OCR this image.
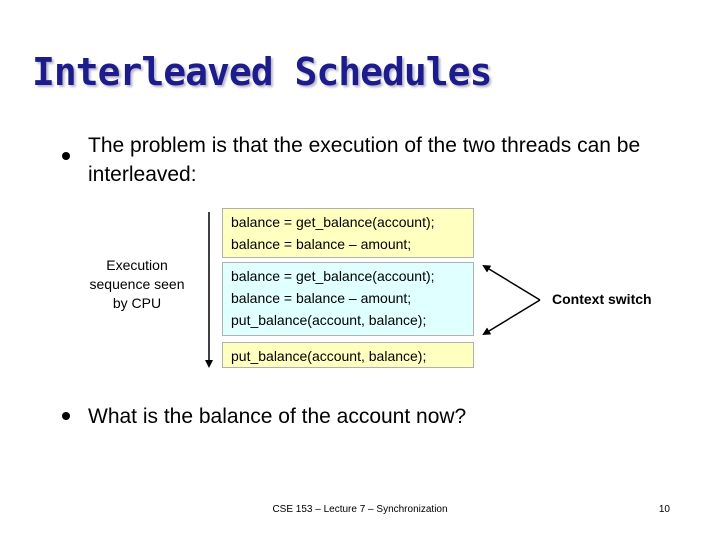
Interleaved Schedules
The problem is that the execution of the two threads can be interleaved:
balance = get_balance(account);
balance = balance – amount;
balance = get_balance(account);
balance = balance – amount;
put_balance(account, balance);
put_balance(account, balance);
Execution sequence seen by CPU	Context switch
What is the balance of the account now?
CSE 153 – Lecture 7 – Synchronization	10
